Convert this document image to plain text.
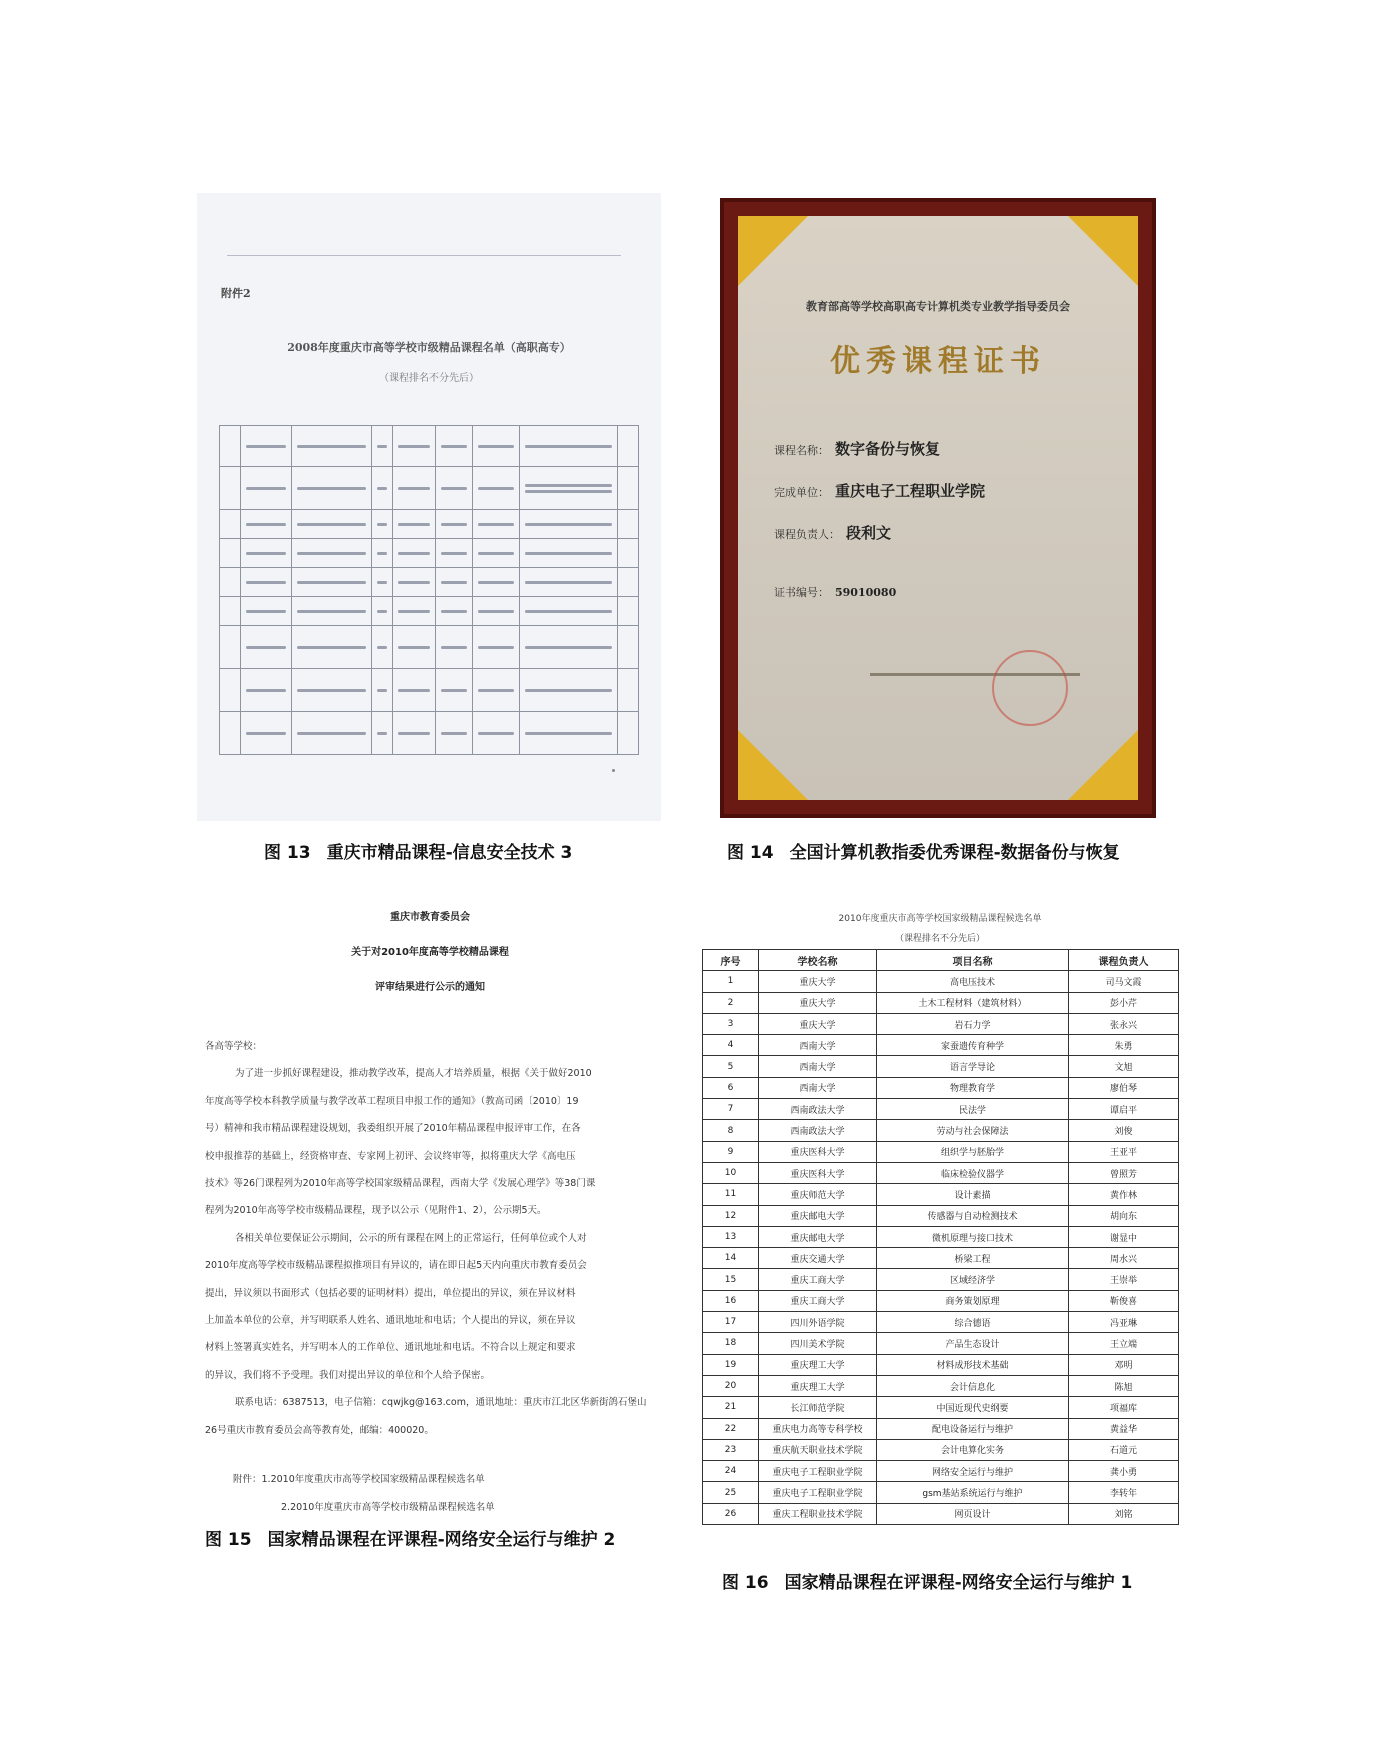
附件2
2008年度重庆市高等学校市级精品课程名单（高职高专）
（课程排名不分先后）

教育部高等学校高职高专计算机类专业教学指导委员会
优秀课程证书
课程名称： 数字备份与恢复
完成单位： 重庆电子工程职业学院
课程负责人： 段利文
证书编号： 59010080
图 13 重庆市精品课程-信息安全技术 3	图 14 全国计算机教指委优秀课程-数据备份与恢复
重庆市教育委员会
关于对2010年度高等学校精品课程
评审结果进行公示的通知

各高等学校：

为了进一步抓好课程建设，推动教学改革，提高人才培养质量，根据《关于做好2010

年度高等学校本科教学质量与教学改革工程项目申报工作的通知》（教高司函〔2010〕19

号）精神和我市精品课程建设规划，我委组织开展了2010年精品课程申报评审工作，在各

校申报推荐的基础上，经资格审查、专家网上初评、会议终审等，拟将重庆大学《高电压

技术》等26门课程列为2010年高等学校国家级精品课程，西南大学《发展心理学》等38门课

程列为2010年高等学校市级精品课程，现予以公示（见附件1、2），公示期5天。

各相关单位要保证公示期间，公示的所有课程在网上的正常运行，任何单位或个人对

2010年度高等学校市级精品课程拟推项目有异议的，请在即日起5天内向重庆市教育委员会

提出，异议须以书面形式（包括必要的证明材料）提出，单位提出的异议，须在异议材料

上加盖本单位的公章，并写明联系人姓名、通讯地址和电话；个人提出的异议，须在异议

材料上签署真实姓名，并写明本人的工作单位、通讯地址和电话。不符合以上规定和要求

的异议，我们将不予受理。我们对提出异议的单位和个人给予保密。

联系电话：6387513，电子信箱：cqwjkg@163.com，通讯地址：重庆市江北区华新街鸽石堡山

26号重庆市教育委员会高等教育处，邮编：400020。

附件：1.2010年度重庆市高等学校国家级精品课程候选名单

2.2010年度重庆市高等学校市级精品课程候选名单

2010年度重庆市高等学校国家级精品课程候选名单
（课程排名不分先后）
序号	学校名称	项目名称	课程负责人
1	重庆大学	高电压技术	司马文霞
2	重庆大学	土木工程材料（建筑材料）	彭小芹
3	重庆大学	岩石力学	张永兴
4	西南大学	家蚕遗传育种学	朱勇
5	西南大学	语言学导论	文旭
6	西南大学	物理教育学	廖伯琴
7	西南政法大学	民法学	谭启平
8	西南政法大学	劳动与社会保障法	刘俊
9	重庆医科大学	组织学与胚胎学	王亚平
10	重庆医科大学	临床检验仪器学	曾照芳
11	重庆师范大学	设计素描	黄作林
12	重庆邮电大学	传感器与自动检测技术	胡向东
13	重庆邮电大学	微机原理与接口技术	谢显中
14	重庆交通大学	桥梁工程	周水兴
15	重庆工商大学	区域经济学	王崇举
16	重庆工商大学	商务策划原理	靳俊喜
17	四川外语学院	综合德语	冯亚琳
18	四川美术学院	产品生态设计	王立端
19	重庆理工大学	材料成形技术基础	邓明
20	重庆理工大学	会计信息化	陈旭
21	长江师范学院	中国近现代史纲要	项福库
22	重庆电力高等专科学校	配电设备运行与维护	黄益华
23	重庆航天职业技术学院	会计电算化实务	石道元
24	重庆电子工程职业学院	网络安全运行与维护	龚小勇
25	重庆电子工程职业学院	gsm基站系统运行与维护	李转年
26	重庆工程职业技术学院	网页设计	刘铭
图 15 国家精品课程在评课程-网络安全运行与维护 2
图 16 国家精品课程在评课程-网络安全运行与维护 1
